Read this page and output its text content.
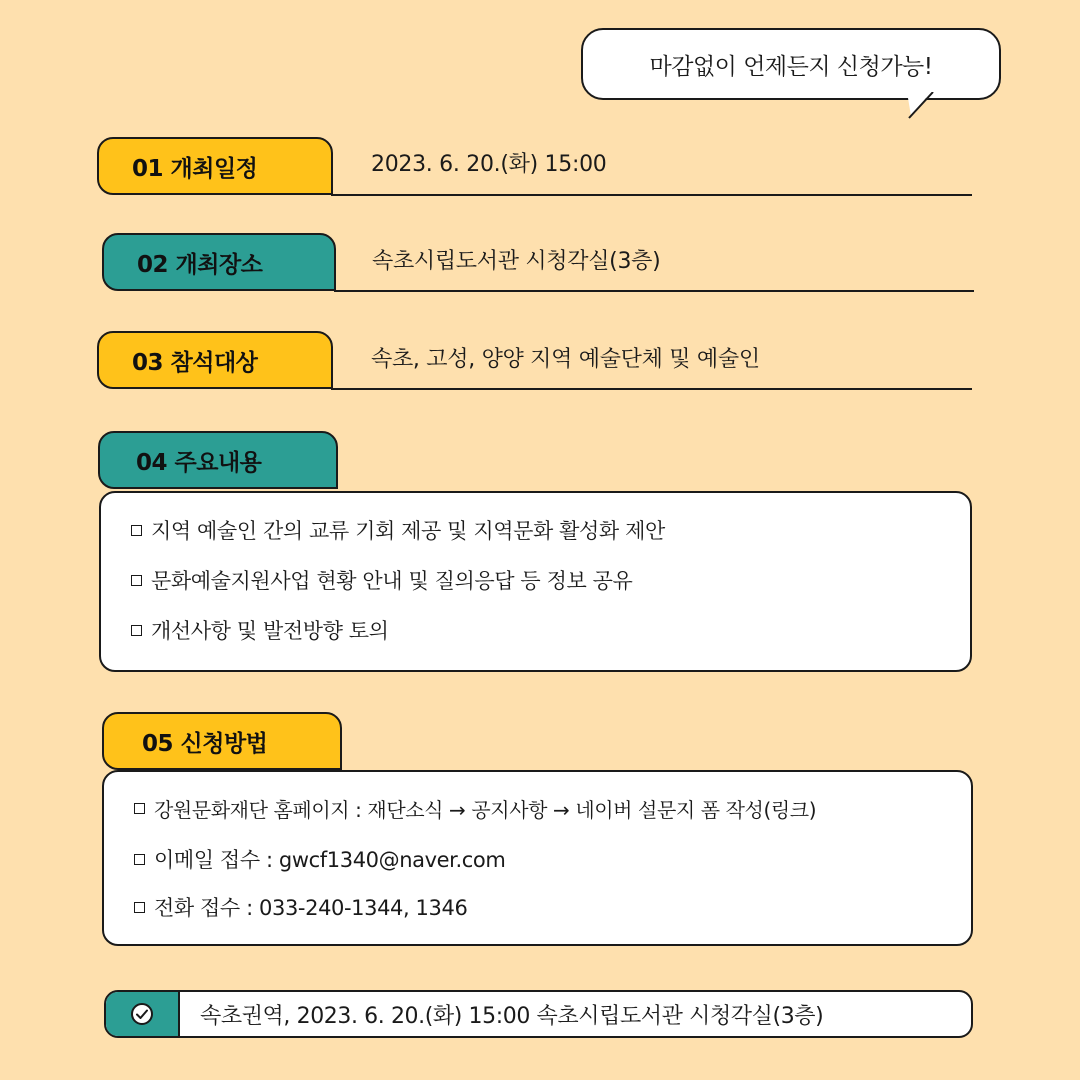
마감없이 언제든지 신청가능!
01 개최일정	2023. 6. 20.(화) 15:00
02 개최장소	속초시립도서관 시청각실(3층)
03 참석대상	속초, 고성, 양양 지역 예술단체 및 예술인
04 주요내용
지역 예술인 간의 교류 기회 제공 및 지역문화 활성화 제안
문화예술지원사업 현황 안내 및 질의응답 등 정보 공유
개선사항 및 발전방향 토의
05 신청방법
강원문화재단 홈페이지 : 재단소식 → 공지사항 → 네이버 설문지 폼 작성(링크)
이메일 접수 : gwcf1340@naver.com
전화 접수 : 033-240-1344, 1346
속초권역, 2023. 6. 20.(화) 15:00 속초시립도서관 시청각실(3층)
